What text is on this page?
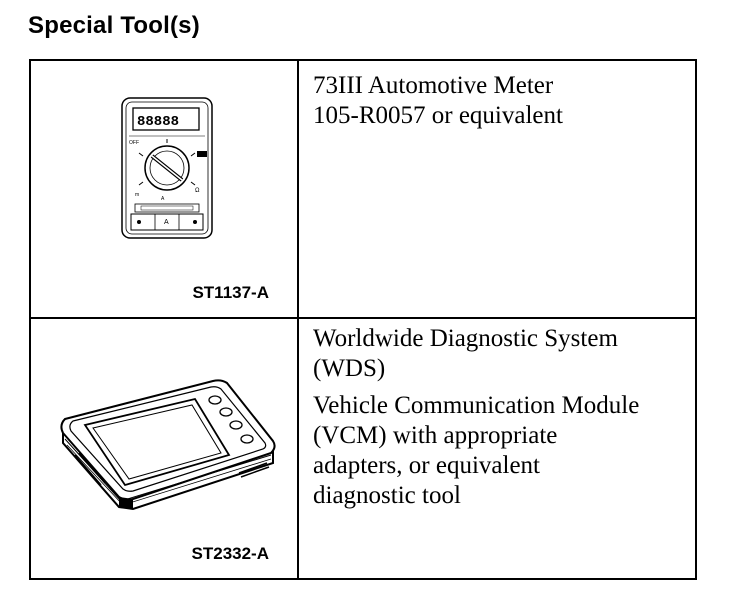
Special Tool(s)
88888
OFF
Ω
m
A
A
ST1137-A
73III Automotive Meter
105-R0057 or equivalent
ST2332-A
Worldwide Diagnostic System
(WDS)
Vehicle Communication Module
(VCM) with appropriate
adapters, or equivalent
diagnostic tool
